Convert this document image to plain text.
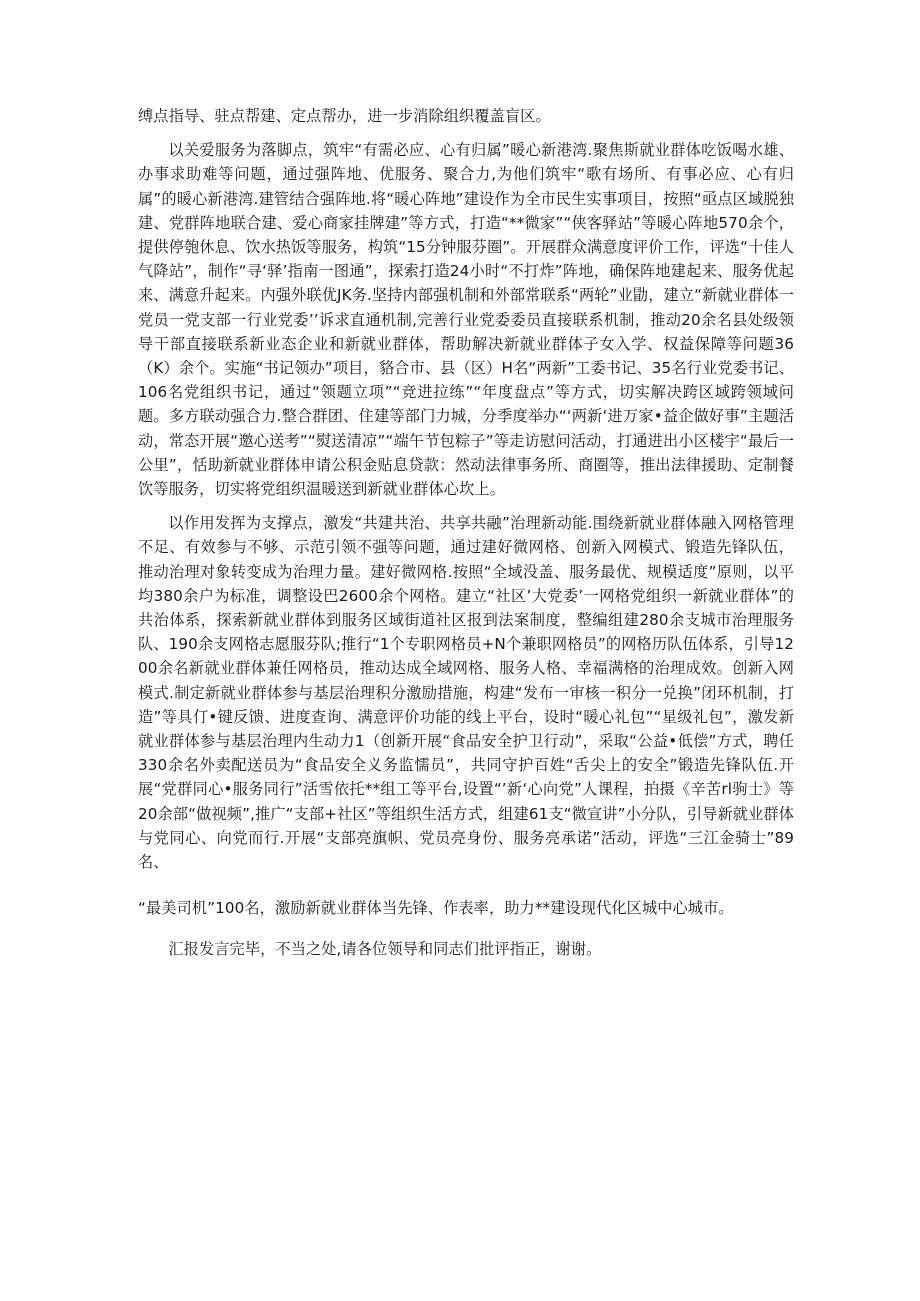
缚点指导、驻点帮建、定点帮办，进一步消除组织覆盖盲区。

以关爱服务为落脚点，筑牢“有需必应、心有归属”暖心新港湾.聚焦斯就业群体吃饭喝水雄、办事求助难等问题，通过强阵地、优服务、聚合力,为他们筑牢“歌有场所、有事必应、心有归属”的暖心新港湾.建管结合强阵地.将“暖心阵地”建设作为全市民生实事项目，按照“亟点区域脱独建、党群阵地联合建、爱心商家挂牌建”等方式，打造“**微家”“侠客驿站”等暖心阵地570余个，提供停匏休息、饮水热饭等服务，构筑“15分钟服芬圈”。开展群众满意度评价工作，评选“十佳人气降站”，制作“寻‘驿’指南一图通”，探索打造24小时“不打炸”阵地，确保阵地建起来、服务优起来、满意升起来。内强外联优JK务.坚持内部强机制和外部常联系“两轮”业勖，建立“新就业群体一党员一党支部一行业党委’’诉求直通机制,完善行业党委委员直接联系机制，推动20余名县处级领导干部直接联系新业态企业和新就业群体，帮助解决新就业群体子女入学、权益保障等问题36（K）余个。实施“书记领办”项目，貉合市、县（区）H名“两新”工委书记、35名行业党委书记、106名党组织书记，通过“领题立项”“竞进拉练”“年度盘点”等方式，切实解决跨区域跨领域问题。多方联动强合力.整合群团、住建等部门力城，分季度举办“‘两新‘进万家•益企做好事”主题活动，常态开展“邀心送考”“熨送清凉”“端午节包粽子”等走访慰问活动，打通进出小区楼宇“最后一公里”，恬助新就业群体申请公积金贴息贷款：然动法律事务所、商圈等，推出法律援助、定制餐饮等服务，切实将党组织温暖送到新就业群体心坎上。

以作用发挥为支撑点，激发“共建共治、共享共融”治理新动能.围绕新就业群体融入网格管理不足、有效参与不够、示范引领不强等问题，通过建好微网格、创新入网模式、锻造先锋队伍，推动治理对象转变成为治理力量。建好微网格.按照“全域没盖、服务最优、规模适度”原则，以平均380余户为标准，调整设巴2600余个网格。建立“社区’大党委’一网格党组织一新就业群体”的共治体系，探索新就业群体到服务区域街道社区报到法案制度，整编组建280余支城市治理服务队、190余支网格志愿服芬队;推行“1个专职网格员+N个兼职网格员”的网格历队伍体系，引导1200余名新就业群体兼任网格员，推动达成全域网格、服务人格、幸福满格的治理成效。创新入网模式.制定新就业群体参与基层治理积分激励措施，构建“发布一审核一积分一兑换”闭环机制，打造”等具仃•键反馈、进度查询、满意评价功能的线上平台，设时“暖心礼包”“星级礼包”，激发新就业群体参与基层治理内生动力1（创新开展“食品安全护卫行动”，采取“公益•低偿”方式，聘任330余名外卖配送员为“食品安全义务监懦员”，共同守护百姓“舌尖上的安全”锻造先锋队伍.开展“党群同心•服务同行”活雪依托**组工等平台,设置“’新‘心向党”人课程，拍摄《辛苦rl驹士》等20余部“做视频”,推广“支部+社区”等组织生活方式，组建61支“微宣讲”小分队，引导新就业群体与党同心、向党而行.开展“支部亮旗帜、党员亮身份、服务亮承诺”活动，评选“三江金骑士”89名、

“最美司机”100名，激励新就业群体当先锋、作表率，助力**建设现代化区城中心城市。

汇报发言完毕，不当之处,请各位领导和同志们批评指正，谢谢。
